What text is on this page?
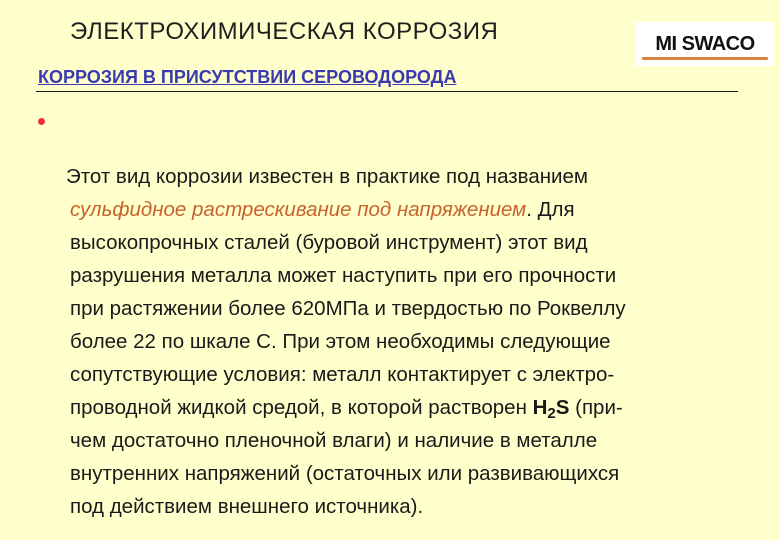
ЭЛЕКТРОХИМИЧЕСКАЯ КОРРОЗИЯ	MI SWACO
КОРРОЗИЯ В ПРИСУТСТВИИ СЕРОВОДОРОДА

Этот вид коррозии известен в практике под названием
сульфидное растрескивание под напряжением. Для
высокопрочных сталей (буровой инструмент) этот вид
разрушения металла может наступить при его прочности
при растяжении более 620МПа и твердостью по Роквеллу
более 22 по шкале С. При этом необходимы следующие
сопутствующие условия: металл контактирует с электро-
проводной жидкой средой, в которой растворен $H_2S$ (при-
чем достаточно пленочной влаги) и наличие в металле
внутренних напряжений (остаточных или развивающихся
под действием внешнего источника).
